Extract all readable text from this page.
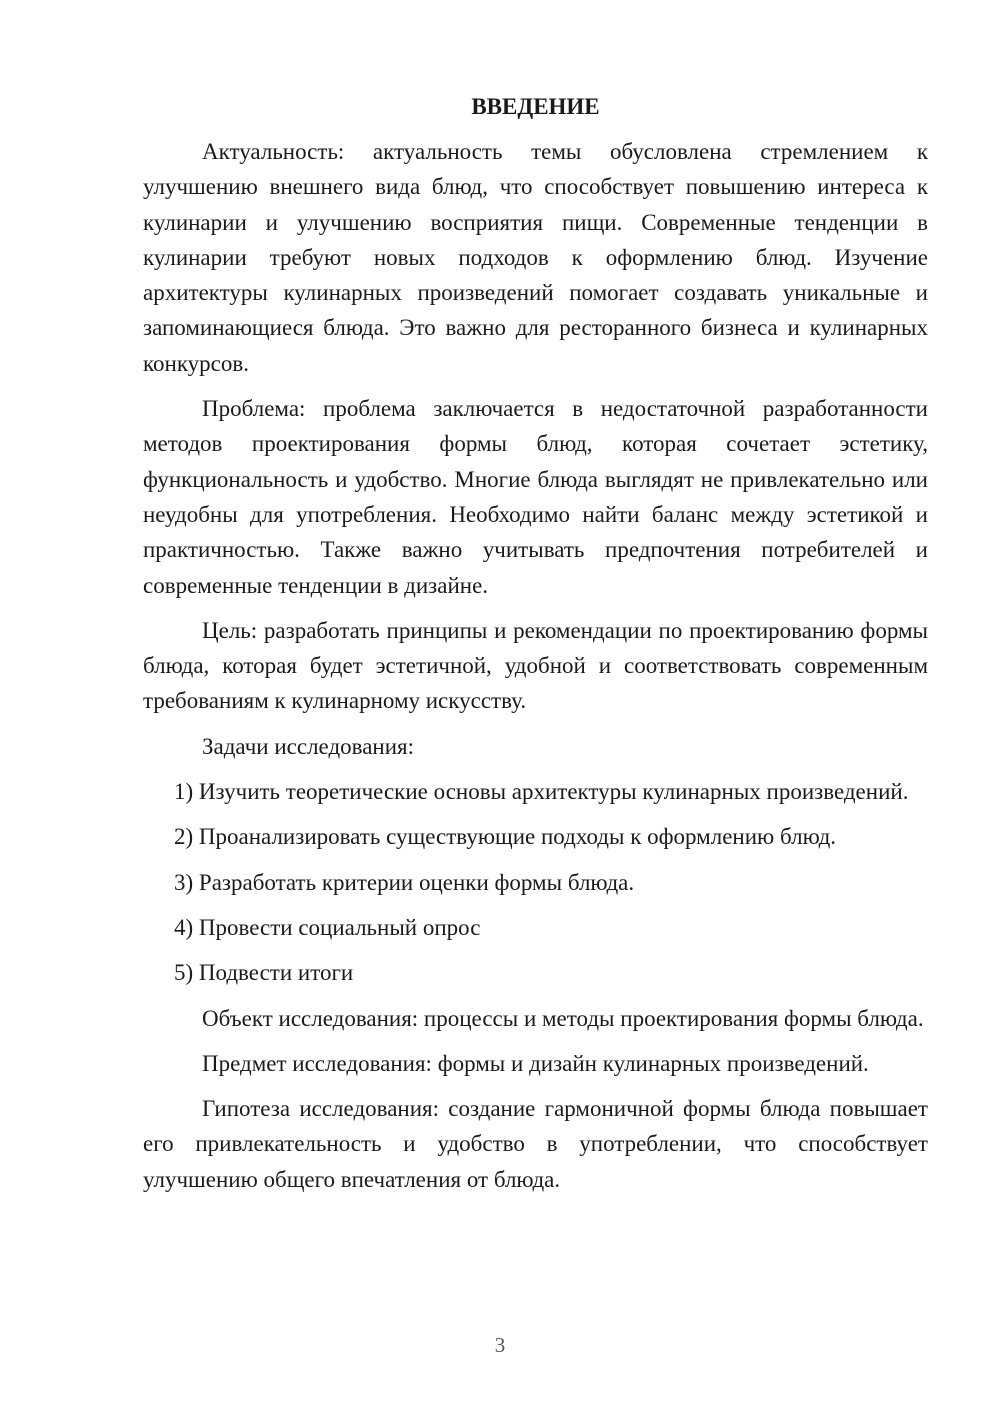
ВВЕДЕНИЕ

Актуальность: актуальность темы обусловлена стремлением к улучшению внешнего вида блюд, что способствует повышению интереса к кулинарии и улучшению восприятия пищи. Современные тенденции в кулинарии требуют новых подходов к оформлению блюд. Изучение архитектуры кулинарных произведений помогает создавать уникальные и запоминающиеся блюда. Это важно для ресторанного бизнеса и кулинарных конкурсов.

Проблема: проблема заключается в недостаточной разработанности методов проектирования формы блюд, которая сочетает эстетику, функциональность и удобство. Многие блюда выглядят не привлекательно или неудобны для употребления. Необходимо найти баланс между эстетикой и практичностью. Также важно учитывать предпочтения потребителей и современные тенденции в дизайне.

Цель: разработать принципы и рекомендации по проектированию формы блюда, которая будет эстетичной, удобной и соответствовать современным требованиям к кулинарному искусству.

Задачи исследования:

1) Изучить теоретические основы архитектуры кулинарных произведений.

2) Проанализировать существующие подходы к оформлению блюд.

3) Разработать критерии оценки формы блюда.

4) Провести социальный опрос

5) Подвести итоги

Объект исследования: процессы и методы проектирования формы блюда.

Предмет исследования: формы и дизайн кулинарных произведений.

Гипотеза исследования: создание гармоничной формы блюда повышает его привлекательность и удобство в употреблении, что способствует улучшению общего впечатления от блюда.

3
